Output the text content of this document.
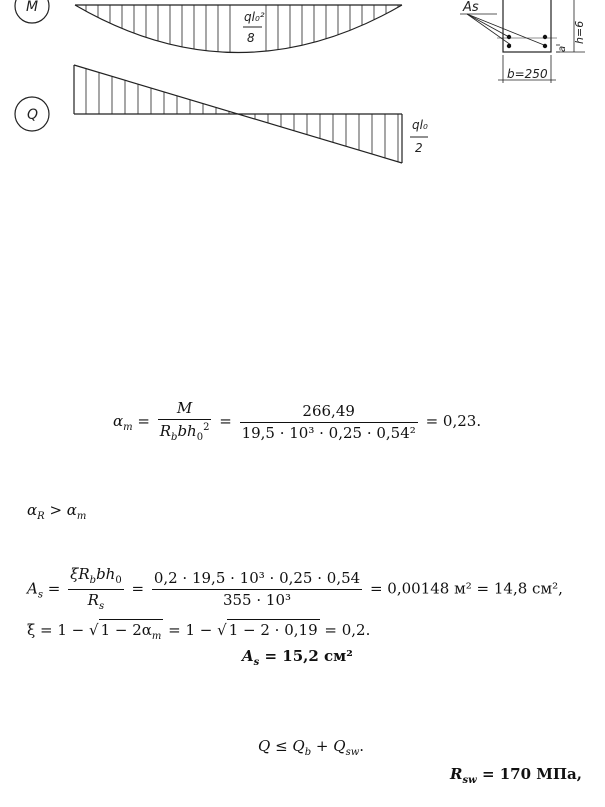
M
ql₀²
8
Q
ql₀
2
As
b=250
h=6
a
$\alpha_m = \frac{M}{R_bbh_0^2} = \frac{266,49}{\text{19,5 · 10³ · 0,25 · 0,54²}} = 0,23$.
$\alpha_R > \alpha_m$
$A_s = \frac{\xi R_bbh_0}{R_s} = \frac{\text{0,2 · 19,5 · 10³ · 0,25 · 0,54}}{\text{355 · 10³}} = 0,00148$ м² = 14,8 см²,
ξ = 1 − √ $1 - 2\alpha_m = 1$ − √ 1 − 2 · 0,19 = 0,2.
$A_s = 15,2$ см²
$Q \le Q_b + Q_{sw}$.
$R_{sw} = 170$ МПа,
